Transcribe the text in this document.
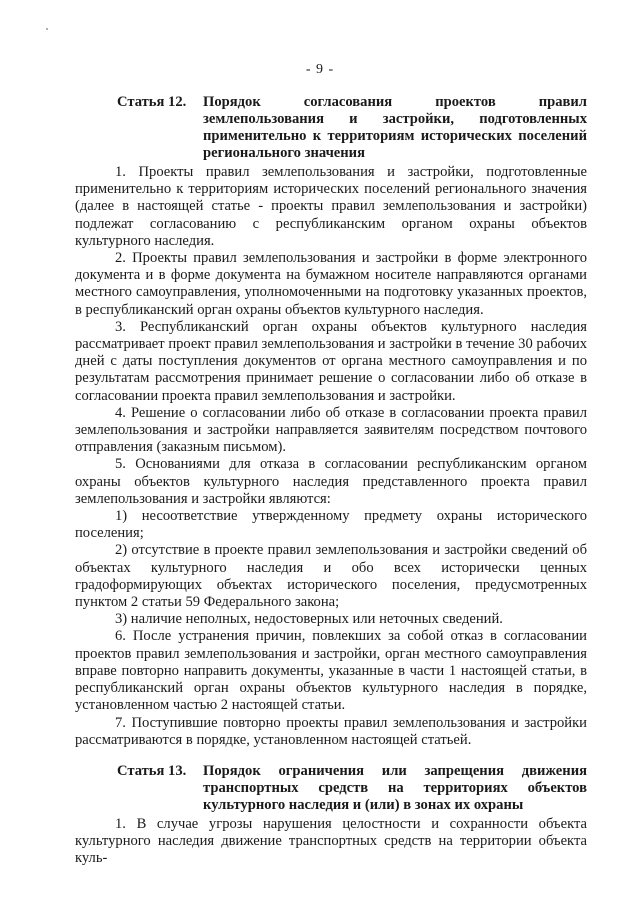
- 9 -
Статья 12.	Порядок согласования проектов правил землепользования и застройки, подготовленных применительно к территориям исторических поселений регионального значения

1. Проекты правил землепользования и застройки, подготовленные применительно к территориям исторических поселений регионального значения (далее в настоящей статье - проекты правил землепользования и застройки) подлежат согласованию с республиканским органом охраны объектов культурного наследия.

2. Проекты правил землепользования и застройки в форме электронного документа и в форме документа на бумажном носителе направляются органами местного самоуправления, уполномоченными на подготовку указанных проектов, в республиканский орган охраны объектов культурного наследия.

3. Республиканский орган охраны объектов культурного наследия рассматривает проект правил землепользования и застройки в течение 30 рабочих дней с даты поступления документов от органа местного самоуправления и по результатам рассмотрения принимает решение о согласовании либо об отказе в согласовании проекта правил землепользования и застройки.

4. Решение о согласовании либо об отказе в согласовании проекта правил землепользования и застройки направляется заявителям посредством почтового отправления (заказным письмом).

5. Основаниями для отказа в согласовании республиканским органом охраны объектов культурного наследия представленного проекта правил землепользования и застройки являются:

1) несоответствие утвержденному предмету охраны исторического поселения;

2) отсутствие в проекте правил землепользования и застройки сведений об объектах культурного наследия и обо всех исторически ценных градоформирующих объектах исторического поселения, предусмотренных пунктом 2 статьи 59 Федерального закона;

3) наличие неполных, недостоверных или неточных сведений.

6. После устранения причин, повлекших за собой отказ в согласовании проектов правил землепользования и застройки, орган местного самоуправления вправе повторно направить документы, указанные в части 1 настоящей статьи, в республиканский орган охраны объектов культурного наследия в порядке, установленном частью 2 настоящей статьи.

7. Поступившие повторно проекты правил землепользования и застройки рассматриваются в порядке, установленном настоящей статьей.

Статья 13.	Порядок ограничения или запрещения движения транспортных средств на территориях объектов культурного наследия и (или) в зонах их охраны

1. В случае угрозы нарушения целостности и сохранности объекта культурного наследия движение транспортных средств на территории объекта куль-
